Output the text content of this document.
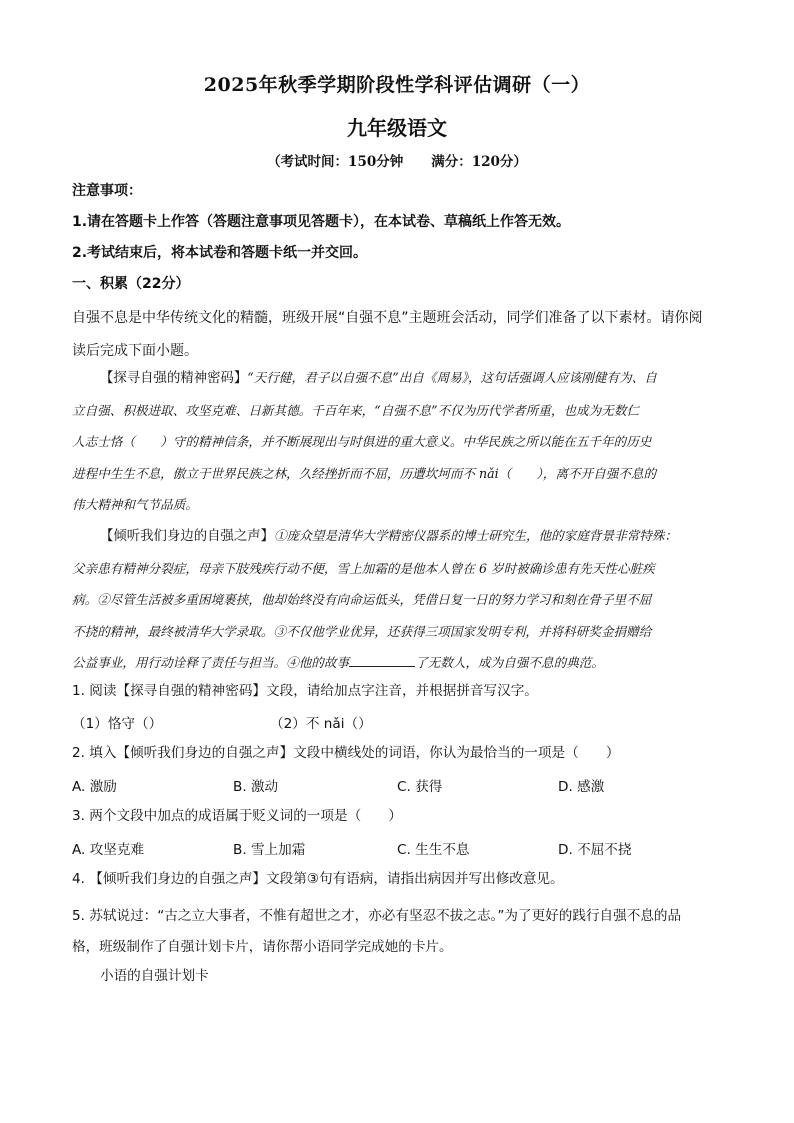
2025年秋季学期阶段性学科评估调研（一）
九年级语文
（考试时间：150分钟 满分：120分）
注意事项：
1.请在答题卡上作答（答题注意事项见答题卡），在本试卷、草稿纸上作答无效。
2.考试结束后，将本试卷和答题卡纸一并交回。
一、积累（22分）
自强不息是中华传统文化的精髓，班级开展“自强不息”主题班会活动，同学们准备了以下素材。请你阅
读后完成下面小题。
【探寻自强的精神密码】“天行健，君子以自强不息”出自《周易》，这句话强调人应该刚健有为、自
立自强、积极进取、攻坚克难、日新其德。千百年来，“自强不息”不仅为历代学者所重，也成为无数仁
人志士恪（　　）守的精神信条，并不断展现出与时俱进的重大意义。中华民族之所以能在五千年的历史
进程中生生不息，傲立于世界民族之林，久经挫折而不屈，历遭坎坷而不 nǎi（　　），离不开自强不息的
伟大精神和气节品质。
【倾听我们身边的自强之声】①庞众望是清华大学精密仪器系的博士研究生，他的家庭背景非常特殊：
父亲患有精神分裂症，母亲下肢残疾行动不便，雪上加霜的是他本人曾在 6 岁时被确诊患有先天性心脏疾
病。②尽管生活被多重困境裹挟，他却始终没有向命运低头，凭借日复一日的努力学习和刻在骨子里不屈
不挠的精神，最终被清华大学录取。③不仅他学业优异，还获得三项国家发明专利，并将科研奖金捐赠给
公益事业，用行动诠释了责任与担当。④他的故事	了无数人，成为自强不息的典范。
1. 阅读【探寻自强的精神密码】文段，请给加点字注音，并根据拼音写汉字。
（1）恪守（）	（2）不 nǎi（）
2. 填入【倾听我们身边的自强之声】文段中横线处的词语，你认为最恰当的一项是（　　）
A. 激励	B. 激动	C. 获得	D. 感激
3. 两个文段中加点的成语属于贬义词的一项是（　　）
A. 攻坚克难	B. 雪上加霜	C. 生生不息	D. 不屈不挠
4. 【倾听我们身边的自强之声】文段第③句有语病，请指出病因并写出修改意见。
5. 苏轼说过：“古之立大事者，不惟有超世之才，亦必有坚忍不拔之志。”为了更好的践行自强不息的品
格，班级制作了自强计划卡片，请你帮小语同学完成她的卡片。
小语的自强计划卡
